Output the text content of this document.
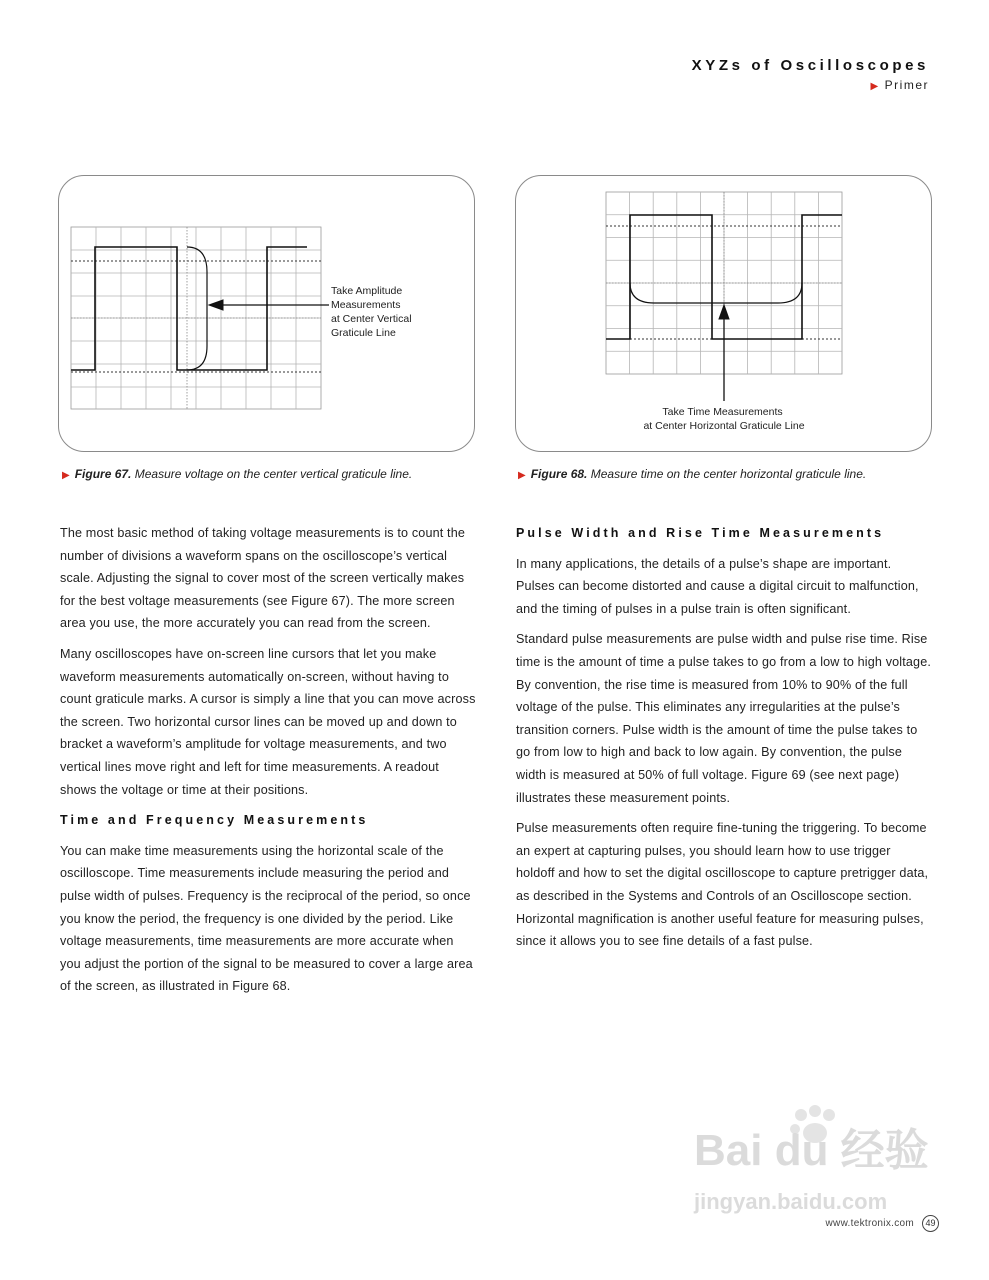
XYZs of Oscilloscopes
▶ Primer
Take Amplitude Measurements at Center Vertical Graticule Line
▶ Figure 67. Measure voltage on the center vertical graticule line.
Take Time Measurements at Center Horizontal Graticule Line
▶ Figure 68. Measure time on the center horizontal graticule line.

The most basic method of taking voltage measurements is to count the number of divisions a waveform spans on the oscilloscope’s vertical scale. Adjusting the signal to cover most of the screen vertically makes for the best voltage measurements (see Figure 67). The more screen area you use, the more accurately you can read from the screen.

Many oscilloscopes have on-screen line cursors that let you make waveform measurements automatically on-screen, without having to count graticule marks. A cursor is simply a line that you can move across the screen. Two horizontal cursor lines can be moved up and down to bracket a waveform’s amplitude for voltage measurements, and two vertical lines move right and left for time measurements. A readout shows the voltage or time at their positions.

Time and Frequency Measurements

You can make time measurements using the horizontal scale of the oscilloscope. Time measurements include measuring the period and pulse width of pulses. Frequency is the reciprocal of the period, so once you know the period, the frequency is one divided by the period. Like voltage measurements, time measurements are more accurate when you adjust the portion of the signal to be measured to cover a large area of the screen, as illustrated in Figure 68.

Pulse Width and Rise Time Measurements

In many applications, the details of a pulse’s shape are important. Pulses can become distorted and cause a digital circuit to malfunction, and the timing of pulses in a pulse train is often significant.

Standard pulse measurements are pulse width and pulse rise time. Rise time is the amount of time a pulse takes to go from a low to high voltage. By convention, the rise time is measured from 10% to 90% of the full voltage of the pulse. This eliminates any irregularities at the pulse’s transition corners. Pulse width is the amount of time the pulse takes to go from low to high and back to low again. By convention, the pulse width is measured at 50% of full voltage. Figure 69 (see next page) illustrates these measurement points.

Pulse measurements often require fine-tuning the triggering. To become an expert at capturing pulses, you should learn how to use trigger holdoff and how to set the digital oscilloscope to capture pretrigger data, as described in the Systems and Controls of an Oscilloscope section. Horizontal magnification is another useful feature for measuring pulses, since it allows you to see fine details of a fast pulse.

Bai du 经验
jingyan.baidu.com
www.tektronix.com	49
